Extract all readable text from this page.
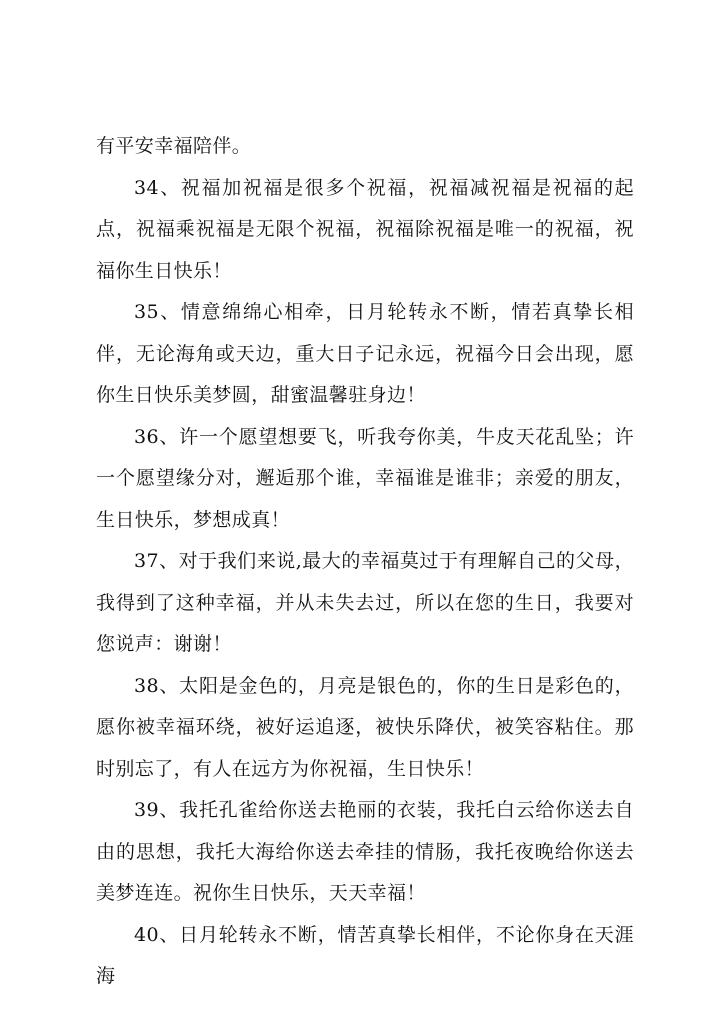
有平安幸福陪伴。

34、祝福加祝福是很多个祝福，祝福减祝福是祝福的起点，祝福乘祝福是无限个祝福，祝福除祝福是唯一的祝福，祝福你生日快乐！

35、情意绵绵心相牵，日月轮转永不断，情若真挚长相伴，无论海角或天边，重大日子记永远，祝福今日会出现，愿你生日快乐美梦圆，甜蜜温馨驻身边！

36、许一个愿望想要飞，听我夸你美，牛皮天花乱坠；许一个愿望缘分对，邂逅那个谁，幸福谁是谁非；亲爱的朋友，生日快乐，梦想成真！

37、对于我们来说,最大的幸福莫过于有理解自己的父母，我得到了这种幸福，并从未失去过，所以在您的生日，我要对您说声：谢谢！

38、太阳是金色的，月亮是银色的，你的生日是彩色的，愿你被幸福环绕，被好运追逐，被快乐降伏，被笑容粘住。那时别忘了，有人在远方为你祝福，生日快乐！

39、我托孔雀给你送去艳丽的衣装，我托白云给你送去自由的思想，我托大海给你送去牵挂的情肠，我托夜晚给你送去美梦连连。祝你生日快乐，天天幸福！

40、日月轮转永不断，情苦真挚长相伴，不论你身在天涯海
